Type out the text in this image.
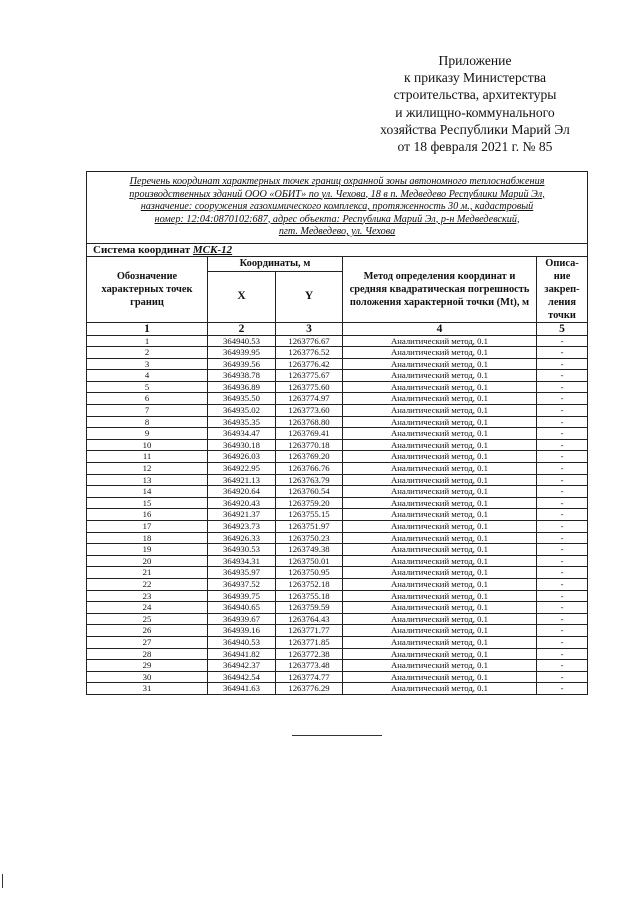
Приложение
к приказу Министерства
строительства, архитектуры
и жилищно-коммунального
хозяйства Республики Марий Эл
от 18 февраля 2021 г. № 85
Перечень координат характерных точек границ охранной зоны автономного теплоснабжения
производственных зданий ООО «ОБИТ» по ул. Чехова, 18 в п. Медведево Республики Марий Эл,
назначение: сооружения газохимического комплекса, протяженность 30 м., кадастровый
номер: 12:04:0870102:687, адрес объекта: Республика Марий Эл, р-н Медведевский,
пгт. Медведево, ул. Чехова				

Система координат МСК-12				
Обозначение характерных точек границ	Координаты, м		Метод определения координат и средняя квадратическая погрешность положения характерной точки (Mt), м	Описа-ние закреп-ления точки
	X	Y		
1	2	3	4	5
1	364940.53	1263776.67	Аналитический метод, 0.1	-
2	364939.95	1263776.52	Аналитический метод, 0.1	-
3	364939.56	1263776.42	Аналитический метод, 0.1	-
4	364938.78	1263775.67	Аналитический метод, 0.1	-
5	364936.89	1263775.60	Аналитический метод, 0.1	-
6	364935.50	1263774.97	Аналитический метод, 0.1	-
7	364935.02	1263773.60	Аналитический метод, 0.1	-
8	364935.35	1263768.80	Аналитический метод, 0.1	-
9	364934.47	1263769.41	Аналитический метод, 0.1	-
10	364930.18	1263770.18	Аналитический метод, 0.1	-
11	364926.03	1263769.20	Аналитический метод, 0.1	-
12	364922.95	1263766.76	Аналитический метод, 0.1	-
13	364921.13	1263763.79	Аналитический метод, 0.1	-
14	364920.64	1263760.54	Аналитический метод, 0.1	-
15	364920.43	1263759.20	Аналитический метод, 0.1	-
16	364921.37	1263755.15	Аналитический метод, 0.1	-
17	364923.73	1263751.97	Аналитический метод, 0.1	-
18	364926.33	1263750.23	Аналитический метод, 0.1	-
19	364930.53	1263749.38	Аналитический метод, 0.1	-
20	364934.31	1263750.01	Аналитический метод, 0.1	-
21	364935.97	1263750.95	Аналитический метод, 0.1	-
22	364937.52	1263752.18	Аналитический метод, 0.1	-
23	364939.75	1263755.18	Аналитический метод, 0.1	-
24	364940.65	1263759.59	Аналитический метод, 0.1	-
25	364939.67	1263764.43	Аналитический метод, 0.1	-
26	364939.16	1263771.77	Аналитический метод, 0.1	-
27	364940.53	1263771.85	Аналитический метод, 0.1	-
28	364941.82	1263772.38	Аналитический метод, 0.1	-
29	364942.37	1263773.48	Аналитический метод, 0.1	-
30	364942.54	1263774.77	Аналитический метод, 0.1	-
31	364941.63	1263776.29	Аналитический метод, 0.1	-
